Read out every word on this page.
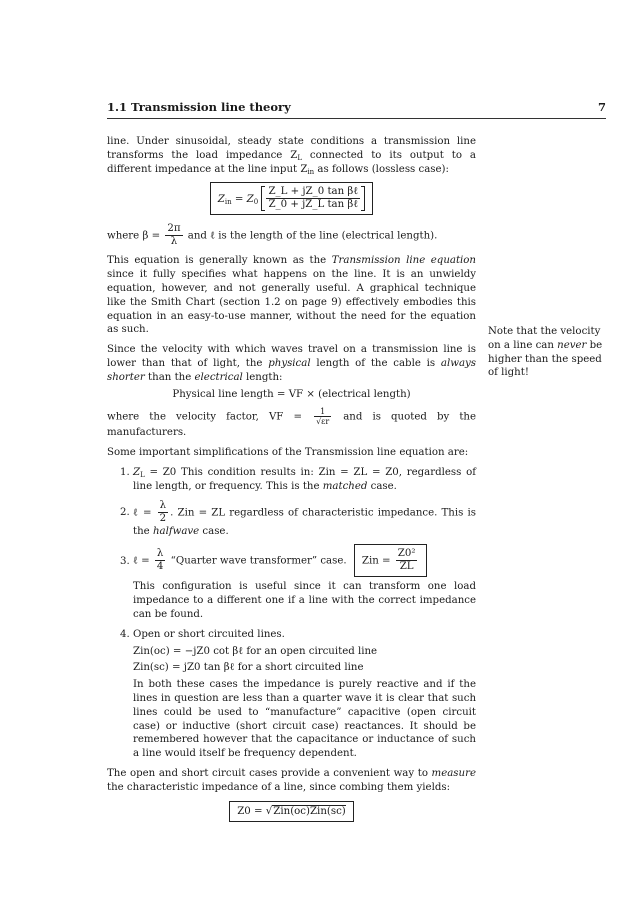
1.1 Transmission line theory	7

line. Under sinusoidal, steady state conditions a transmission line transforms the load impedance $Z_L$ connected to its output to a different impedance at the line input $Z_{in}$ as follows (lossless case):

$Z_{in} = Z_0 \frac{\text{Z\_L + jZ\_0 tan βℓ}}{\text{Z\_0 + jZ\_L tan βℓ}}$

where $\beta = \frac{2\pi}{\lambda}$ and ℓ is the length of the line (electrical length).

This equation is generally known as the Transmission line equation since it fully specifies what happens on the line. It is an unwieldy equation, however, and not generally useful. A graphical technique like the Smith Chart (section 1.2 on page 9) effectively embodies this equation in an easy-to-use manner, without the need for the equation as such.

Since the velocity with which waves travel on a transmission line is lower than that of light, the physical length of the cable is always shorter than the electrical length:

Physical line length = VF × (electrical length)

where the velocity factor, VF = $\frac{1}{√\varepsilon r}$ and is quoted by the manufacturers.

Some important simplifications of the Transmission line equation are:

1. $Z_L = Z0$ This condition results in: Zin = ZL = Z0, regardless of line length, or frequency. This is the matched case.
2. ℓ = $\frac{\lambda}{2}$ . Zin = ZL regardless of characteristic impedance. This is the halfwave case.
3. ℓ = $\frac{\lambda}{4}$ “Quarter wave transformer” case. Zin = $\frac{\text{Z0²}}{ZL}$

This configuration is useful since it can transform one load impedance to a different one if a line with the correct impedance can be found.

4. Open or short circuited lines.

Zin(oc) = −jZ0 cot βℓ for an open circuited line

Zin(sc) = jZ0 tan βℓ for a short circuited line

In both these cases the impedance is purely reactive and if the lines in question are less than a quarter wave it is clear that such lines could be used to “manufacture” capacitive (open circuit case) or inductive (short circuit case) reactances. It should be remembered however that the capacitance or inductance of such a line would itself be frequency dependent.

The open and short circuit cases provide a convenient way to measure the characteristic impedance of a line, since combing them yields:

Z0 = √Zin(oc)Zin(sc)
Note that the velocity on a line can never be higher than the speed of light!
